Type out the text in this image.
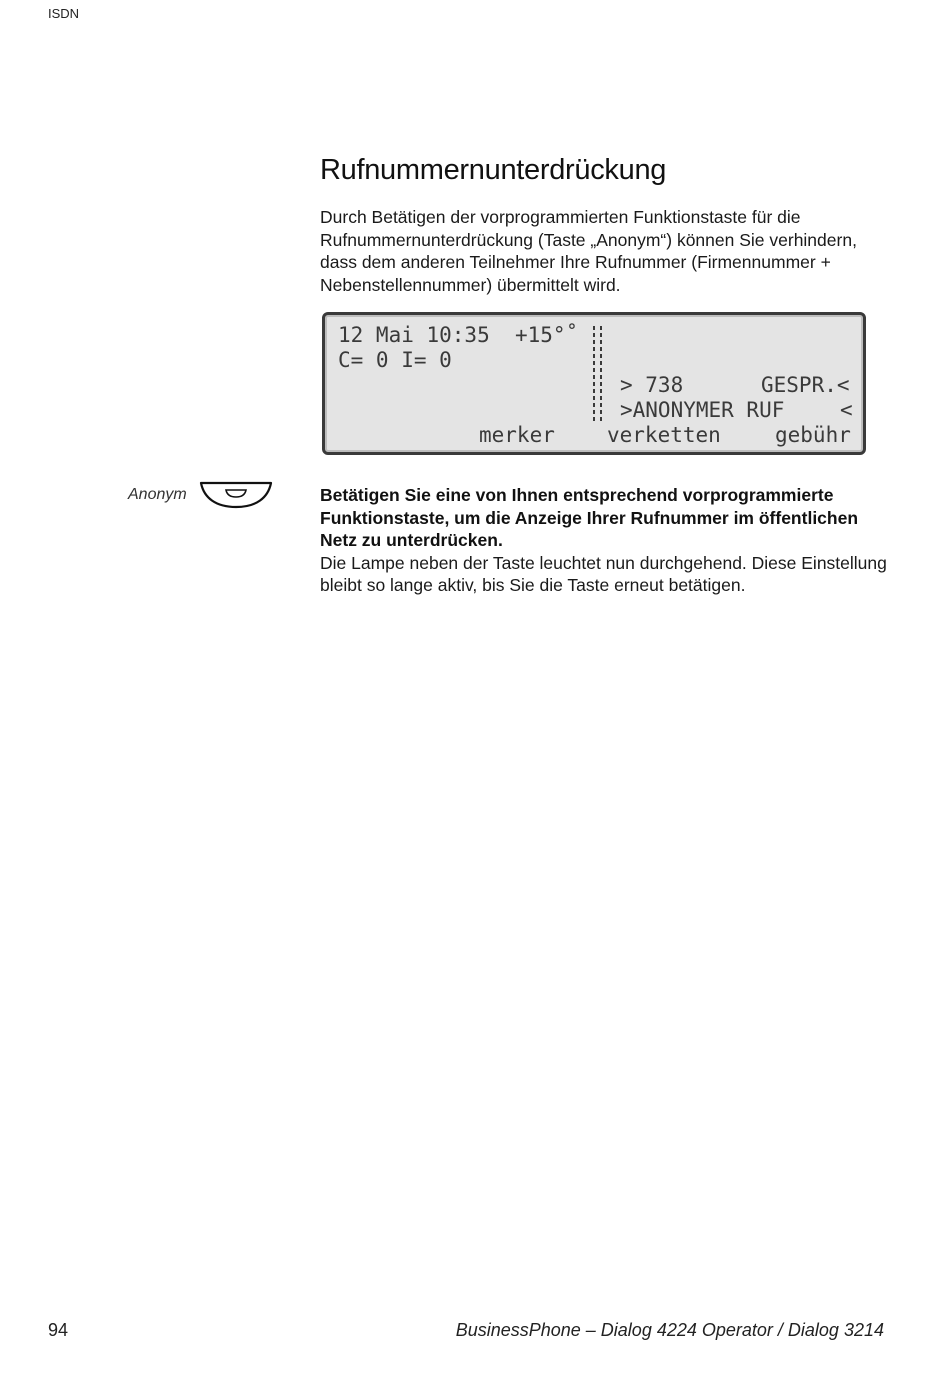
ISDN
Rufnummernunterdrückung

Durch Betätigen der vorprogrammierten Funktionstaste für die Rufnummernunterdrückung (Taste „Anonym“) können Sie verhindern, dass dem anderen Teilnehmer Ihre Rufnummer (Firmennummer + Nebenstellennummer) übermittelt wird.

12 Mai 10:35  +15°˚
C= 0 I= 0
> 738	GESPR.<
>ANONYMER RUF	<
merker verketten	gebühr
Anonym	Betätigen Sie eine von Ihnen entsprechend vorprogrammierte Funktionstaste, um die Anzeige Ihrer Rufnummer im öffentlichen Netz zu unterdrücken.
Die Lampe neben der Taste leuchtet nun durchgehend. Diese Einstellung bleibt so lange aktiv, bis Sie die Taste erneut betätigen.

94	BusinessPhone – Dialog 4224 Operator / Dialog 3214
